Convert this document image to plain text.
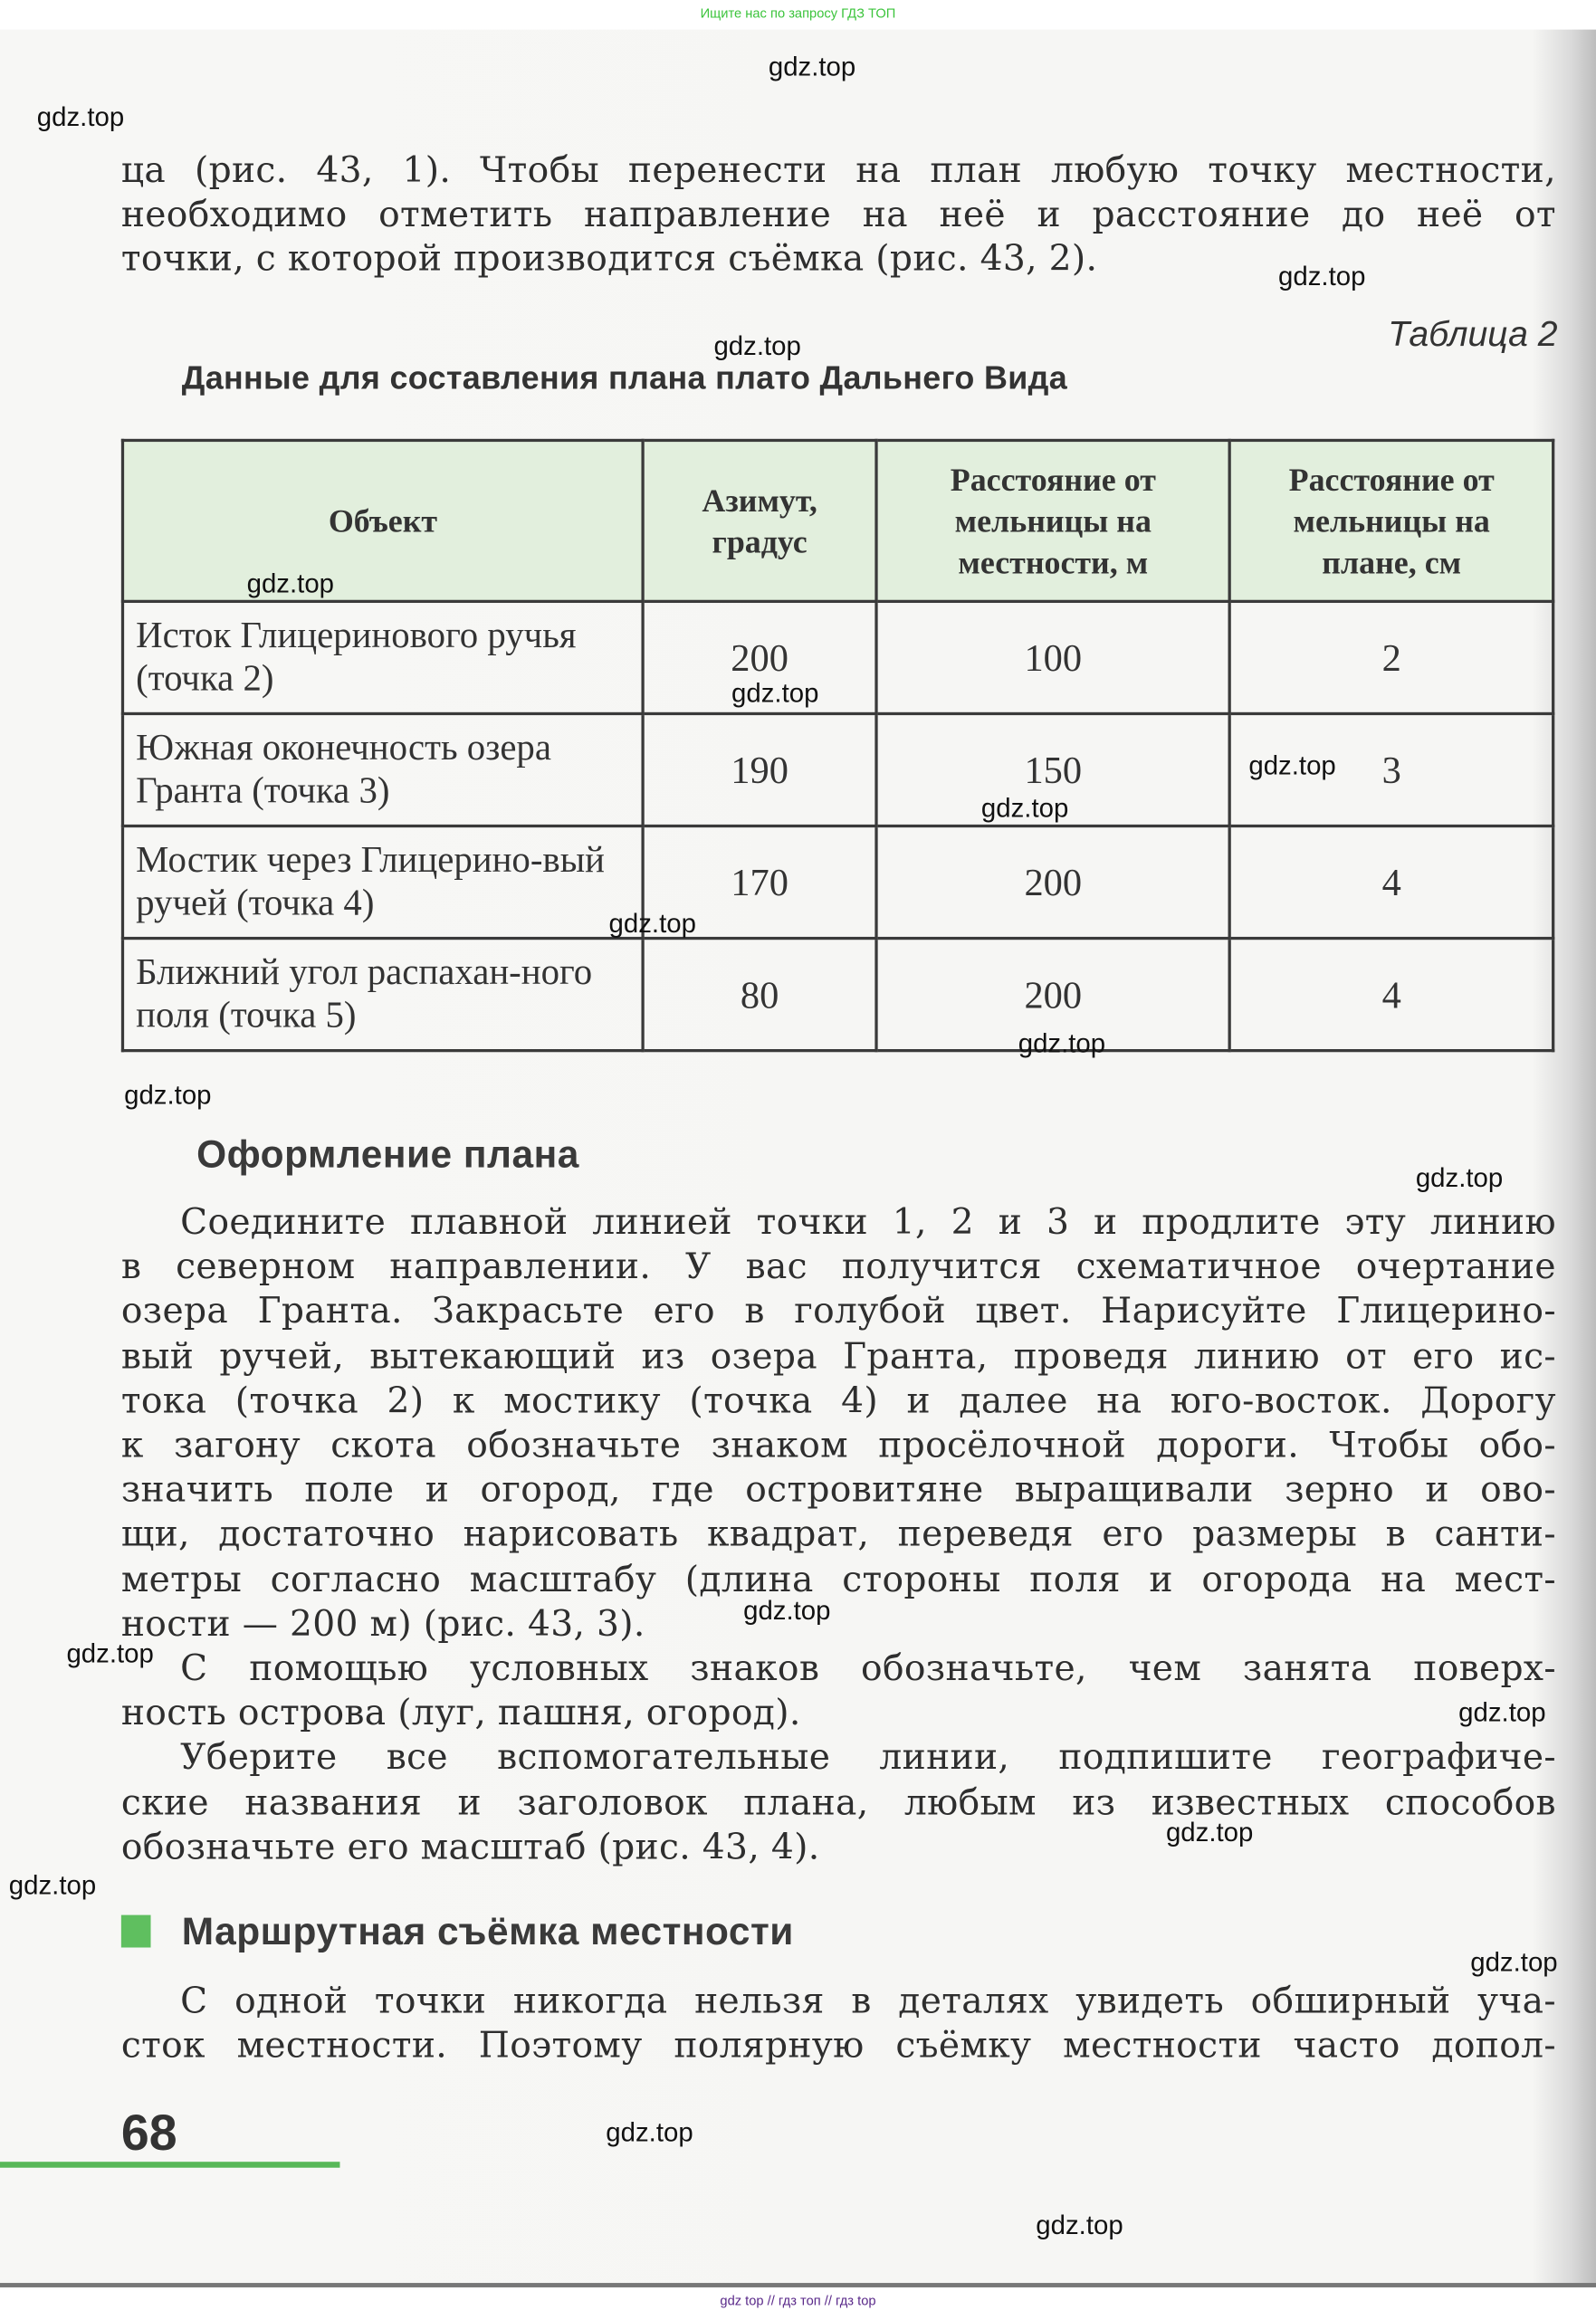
Ищите нас по запросу ГДЗ ТОП
ца (рис. 43, 1). Чтобы перенести на план любую точку местности,
необходимо отметить направление на неё и расстояние до неё от
точки, с которой производится съёмка (рис. 43, 2).
Таблица 2
Данные для составления плана плато Дальнего Вида
Объект	Азимут, градус	Расстояние от мельницы на местности, м	Расстояние от мельницы на плане, см
Исток Глицеринового ручья (точка 2)	200	100	2
Южная оконечность озера Гранта (точка 3)	190	150	3
Мостик через Глицерино-вый ручей (точка 4)	170	200	4
Ближний угол распахан-ного поля (точка 5)	80	200	4
Оформление плана
Соедините плавной линией точки 1, 2 и 3 и продлите эту линию
в северном направлении. У вас получится схематичное очертание
озера Гранта. Закрасьте его в голубой цвет. Нарисуйте Глицерино-
вый ручей, вытекающий из озера Гранта, проведя линию от его ис-
тока (точка 2) к мостику (точка 4) и далее на юго-восток. Дорогу
к загону скота обозначьте знаком просёлочной дороги. Чтобы обо-
значить поле и огород, где островитяне выращивали зерно и ово-
щи, достаточно нарисовать квадрат, переведя его размеры в санти-
метры согласно масштабу (длина стороны поля и огорода на мест-
ности — 200 м) (рис. 43, 3).
С помощью условных знаков обозначьте, чем занята поверх-
ность острова (луг, пашня, огород).
Уберите все вспомогательные линии, подпишите географиче-
ские названия и заголовок плана, любым из известных способов
обозначьте его масштаб (рис. 43, 4).
Маршрутная съёмка местности
С одной точки никогда нельзя в деталях увидеть обширный уча-
сток местности. Поэтому полярную съёмку местности часто допол-
68
gdz.top
gdz.top
gdz.top
gdz.top
gdz.top
gdz.top
gdz.top
gdz.top
gdz.top
gdz.top
gdz.top
gdz.top
gdz.top
gdz.top
gdz.top
gdz.top
gdz.top
gdz.top
gdz.top
gdz.top
gdz top // гдз топ // гдз top
